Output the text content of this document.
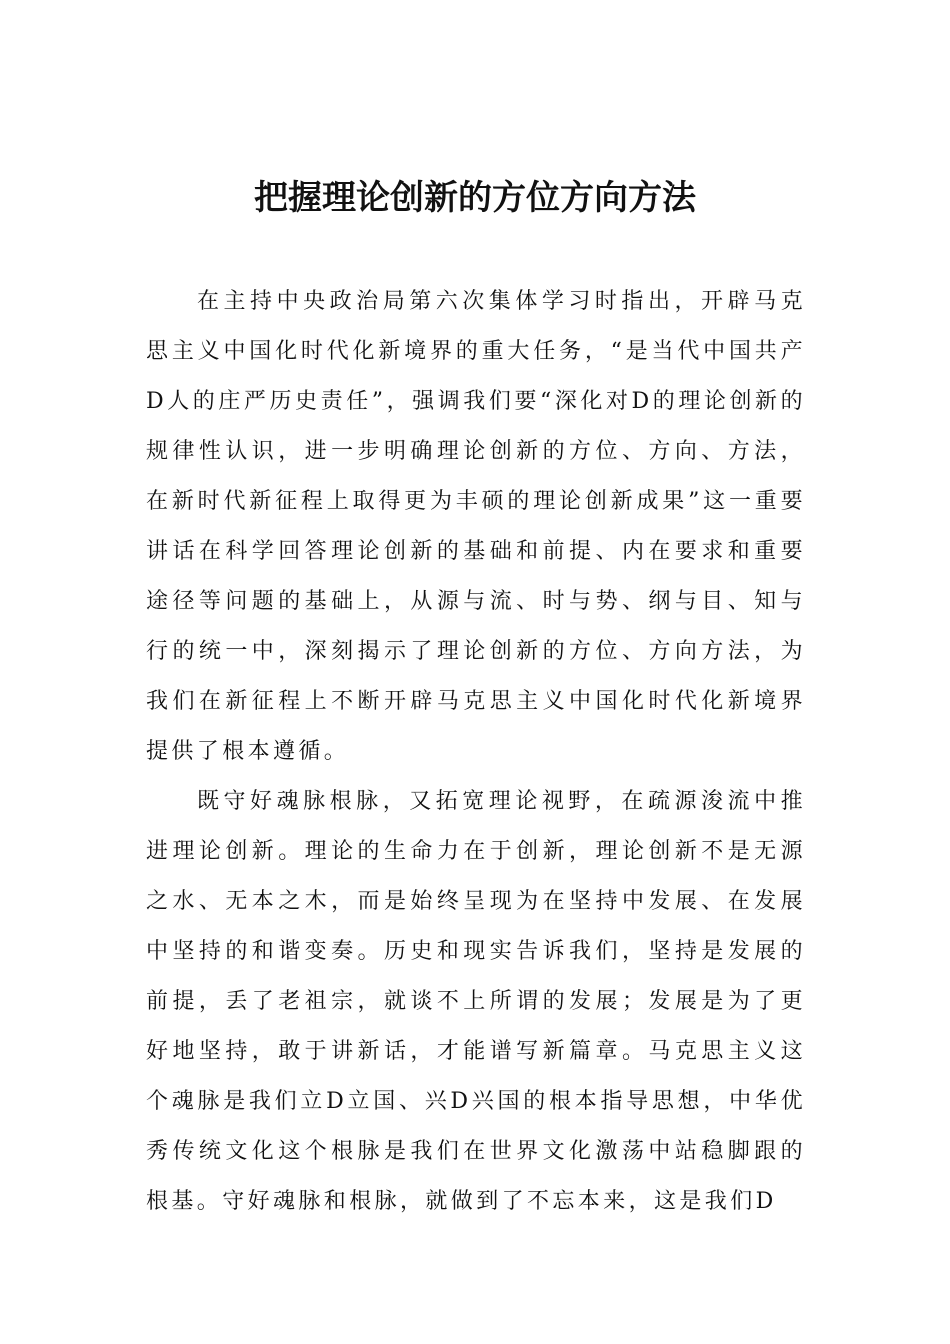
把握理论创新的方位方向方法

在主持中央政治局第六次集体学习时指出，开辟马克思主义中国化时代化新境界的重大任务，“是当代中国共产D人的庄严历史责任”，强调我们要“深化对D的理论创新的规律性认识，进一步明确理论创新的方位、方向、方法，在新时代新征程上取得更为丰硕的理论创新成果”这一重要讲话在科学回答理论创新的基础和前提、内在要求和重要途径等问题的基础上，从源与流、时与势、纲与目、知与行的统一中，深刻揭示了理论创新的方位、方向方法，为我们在新征程上不断开辟马克思主义中国化时代化新境界提供了根本遵循。

既守好魂脉根脉，又拓宽理论视野，在疏源浚流中推进理论创新。理论的生命力在于创新，理论创新不是无源之水、无本之木，而是始终呈现为在坚持中发展、在发展中坚持的和谐变奏。历史和现实告诉我们，坚持是发展的前提，丢了老祖宗，就谈不上所谓的发展；发展是为了更好地坚持，敢于讲新话，才能谱写新篇章。马克思主义这个魂脉是我们立D立国、兴D兴国的根本指导思想，中华优秀传统文化这个根脉是我们在世界文化激荡中站稳脚跟的根基。守好魂脉和根脉，就做到了不忘本来，这是我们D
